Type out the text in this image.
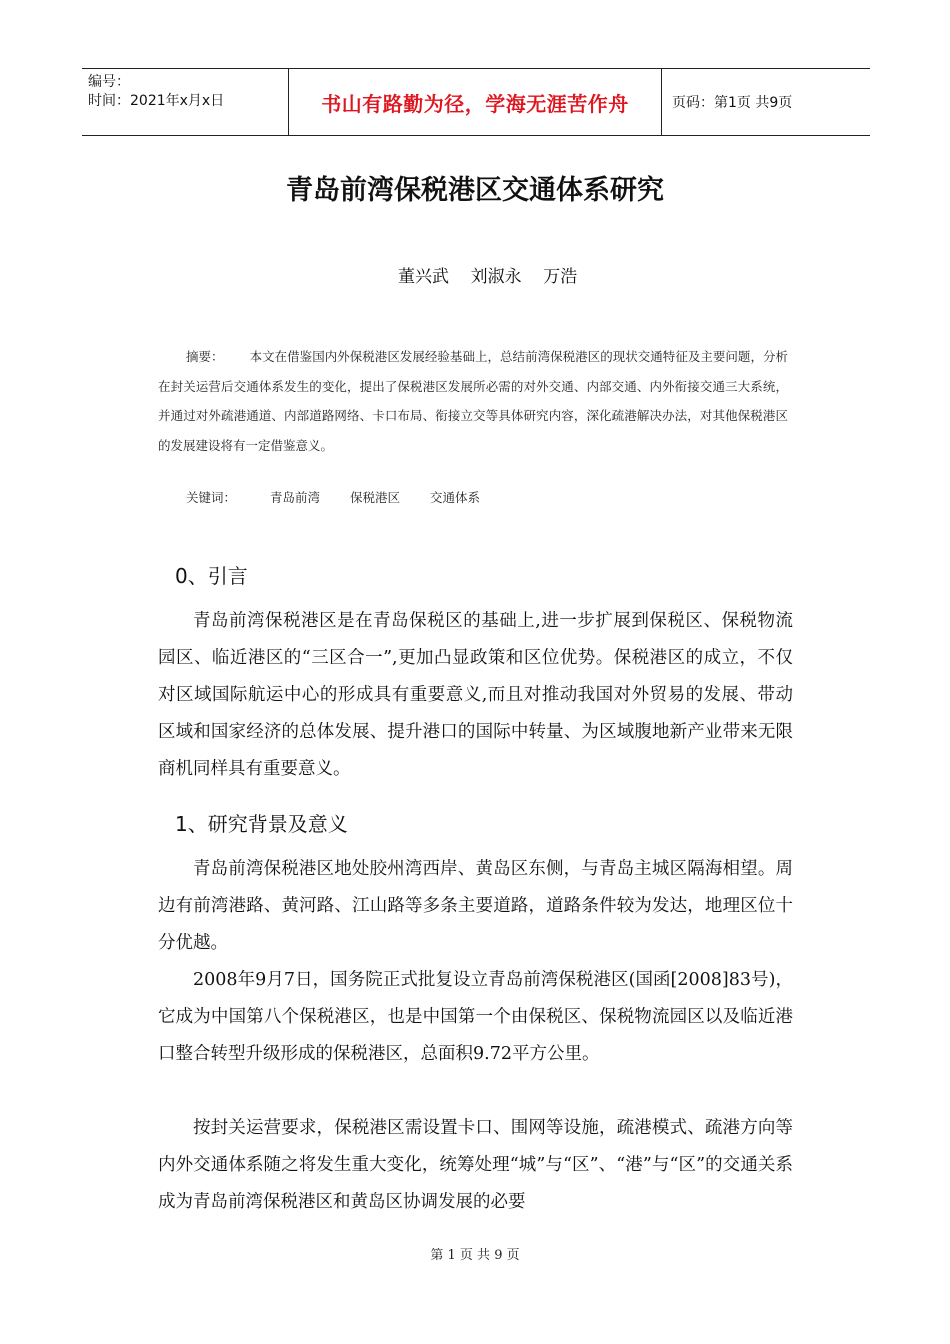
编号：
时间：2021年x月x日	书山有路勤为径，学海无涯苦作舟	页码：第1页 共9页
青岛前湾保税港区交通体系研究
董兴武    刘淑永    万浩
摘要： 本文在借鉴国内外保税港区发展经验基础上，总结前湾保税港区的现状交通特征及主要问题，分析在封关运营后交通体系发生的变化，提出了保税港区发展所必需的对外交通、内部交通、内外衔接交通三大系统，并通过对外疏港通道、内部道路网络、卡口布局、衔接立交等具体研究内容，深化疏港解决办法，对其他保税港区的发展建设将有一定借鉴意义。
关键词：	青岛前湾 保税港区 交通体系
0、引言

青岛前湾保税港区是在青岛保税区的基础上,进一步扩展到保税区、保税物流园区、临近港区的“三区合一”,更加凸显政策和区位优势。保税港区的成立，不仅对区域国际航运中心的形成具有重要意义,而且对推动我国对外贸易的发展、带动区域和国家经济的总体发展、提升港口的国际中转量、为区域腹地新产业带来无限商机同样具有重要意义。

1、研究背景及意义

青岛前湾保税港区地处胶州湾西岸、黄岛区东侧，与青岛主城区隔海相望。周边有前湾港路、黄河路、江山路等多条主要道路，道路条件较为发达，地理区位十分优越。

2008年9月7日，国务院正式批复设立青岛前湾保税港区(国函[2008]83号)，它成为中国第八个保税港区，也是中国第一个由保税区、保税物流园区以及临近港口整合转型升级形成的保税港区，总面积9.72平方公里。

按封关运营要求，保税港区需设置卡口、围网等设施，疏港模式、疏港方向等内外交通体系随之将发生重大变化，统筹处理“城”与“区”、“港”与“区”的交通关系成为青岛前湾保税港区和黄岛区协调发展的必要

第 1 页 共 9 页
